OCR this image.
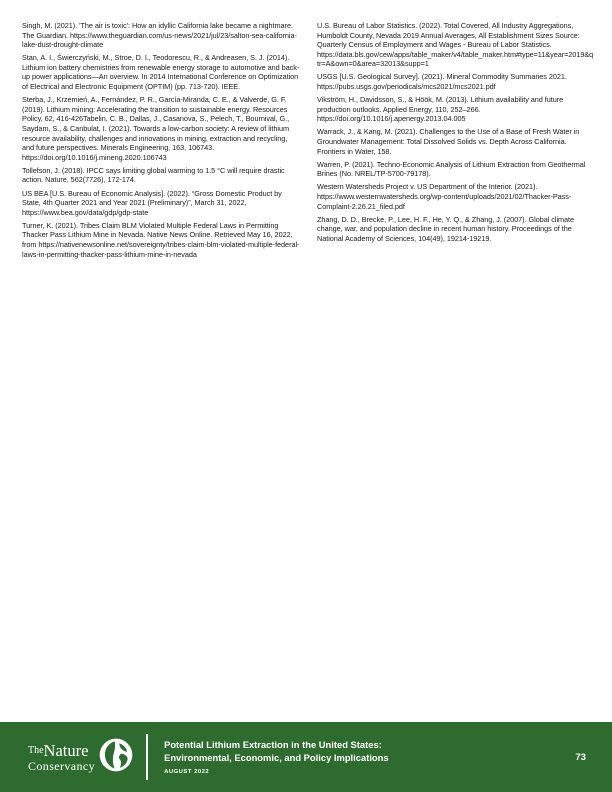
Singh, M. (2021). 'The air is toxic': How an idyllic California lake became a nightmare. The Guardian. https://www.theguardian.com/us-news/2021/jul/23/salton-sea-california-lake-dust-drought-climate

Stan, A. I., Świerczyński, M., Stroe, D. I., Teodorescu, R., & Andreasen, S. J. (2014). Lithium ion battery chemistries from renewable energy storage to automotive and back-up power applications—An overview. In 2014 International Conference on Optimization of Electrical and Electronic Equipment (OPTIM) (pp. 713-720). IEEE.

Sterba, J., Krzemień, A., Fernández, P. R., García-Miranda, C. E., & Valverde, G. F. (2019). Lithium mining: Accelerating the transition to sustainable energy. Resources Policy, 62, 416-426Tabelin, C. B., Dallas, J., Casanova, S., Pelech, T., Bournival, G., Saydam, S., & Canbulat, I. (2021). Towards a low-carbon society: A review of lithium resource availability, challenges and innovations in mining, extraction and recycling, and future perspectives. Minerals Engineering, 163, 106743. https://doi.org/10.1016/j.mineng.2020.106743

Tollefson, J. (2018). IPCC says limiting global warming to 1.5 °C will require drastic action. Nature, 562(7726), 172-174.

US BEA [U.S. Bureau of Economic Analysis]. (2022). “Gross Domestic Product by State, 4th Quarter 2021 and Year 2021 (Preliminary)”, March 31, 2022, https://www.bea.gov/data/gdp/gdp-state

Turner, K. (2021). Tribes Claim BLM Violated Multiple Federal Laws in Permitting Thacker Pass Lithium Mine in Nevada. Native News Online. Retrieved May 16, 2022, from https://nativenewsonline.net/sovereignty/tribes-claim-blm-violated-multiple-federal-laws-in-permitting-thacker-pass-lithium-mine-in-nevada

U.S. Bureau of Labor Statistics. (2022). Total Covered, All Industry Aggregations, Humboldt County, Nevada 2019 Annual Averages, All Establishment Sizes Source: Quarterly Census of Employment and Wages - Bureau of Labor Statistics. https://data.bls.gov/cew/apps/table_maker/v4/table_maker.htm#type=11&year=2019&qtr=A&own=0&area=32013&supp=1

USGS [U.S. Geological Survey]. (2021). Mineral Commodity Summaries 2021. https://pubs.usgs.gov/periodicals/mcs2021/mcs2021.pdf

Vikström, H., Davidsson, S., & Höök, M. (2013). Lithium availability and future production outlooks. Applied Energy, 110, 252–266. https://doi.org/10.1016/j.apenergy.2013.04.005

Warrack, J., & Kang, M. (2021). Challenges to the Use of a Base of Fresh Water in Groundwater Management: Total Dissolved Solids vs. Depth Across California. Frontiers in Water, 158.

Warren, P. (2021). Techno-Economic Analysis of Lithium Extraction from Geothermal Brines (No. NREL/TP-5700-79178).

Western Watersheds Project v. US Department of the Interior. (2021). https://www.westernwatersheds.org/wp-content/uploads/2021/02/Thacker-Pass-Complaint-2.26.21_filed.pdf

Zhang, D. D., Brecke, P., Lee, H. F., He, Y. Q., & Zhang, J. (2007). Global climate change, war, and population decline in recent human history. Proceedings of the National Academy of Sciences, 104(49), 19214-19219.

TheNature
Conservancy
Potential Lithium Extraction in the United States:
Environmental, Economic, and Policy Implications
AUGUST 2022
73
